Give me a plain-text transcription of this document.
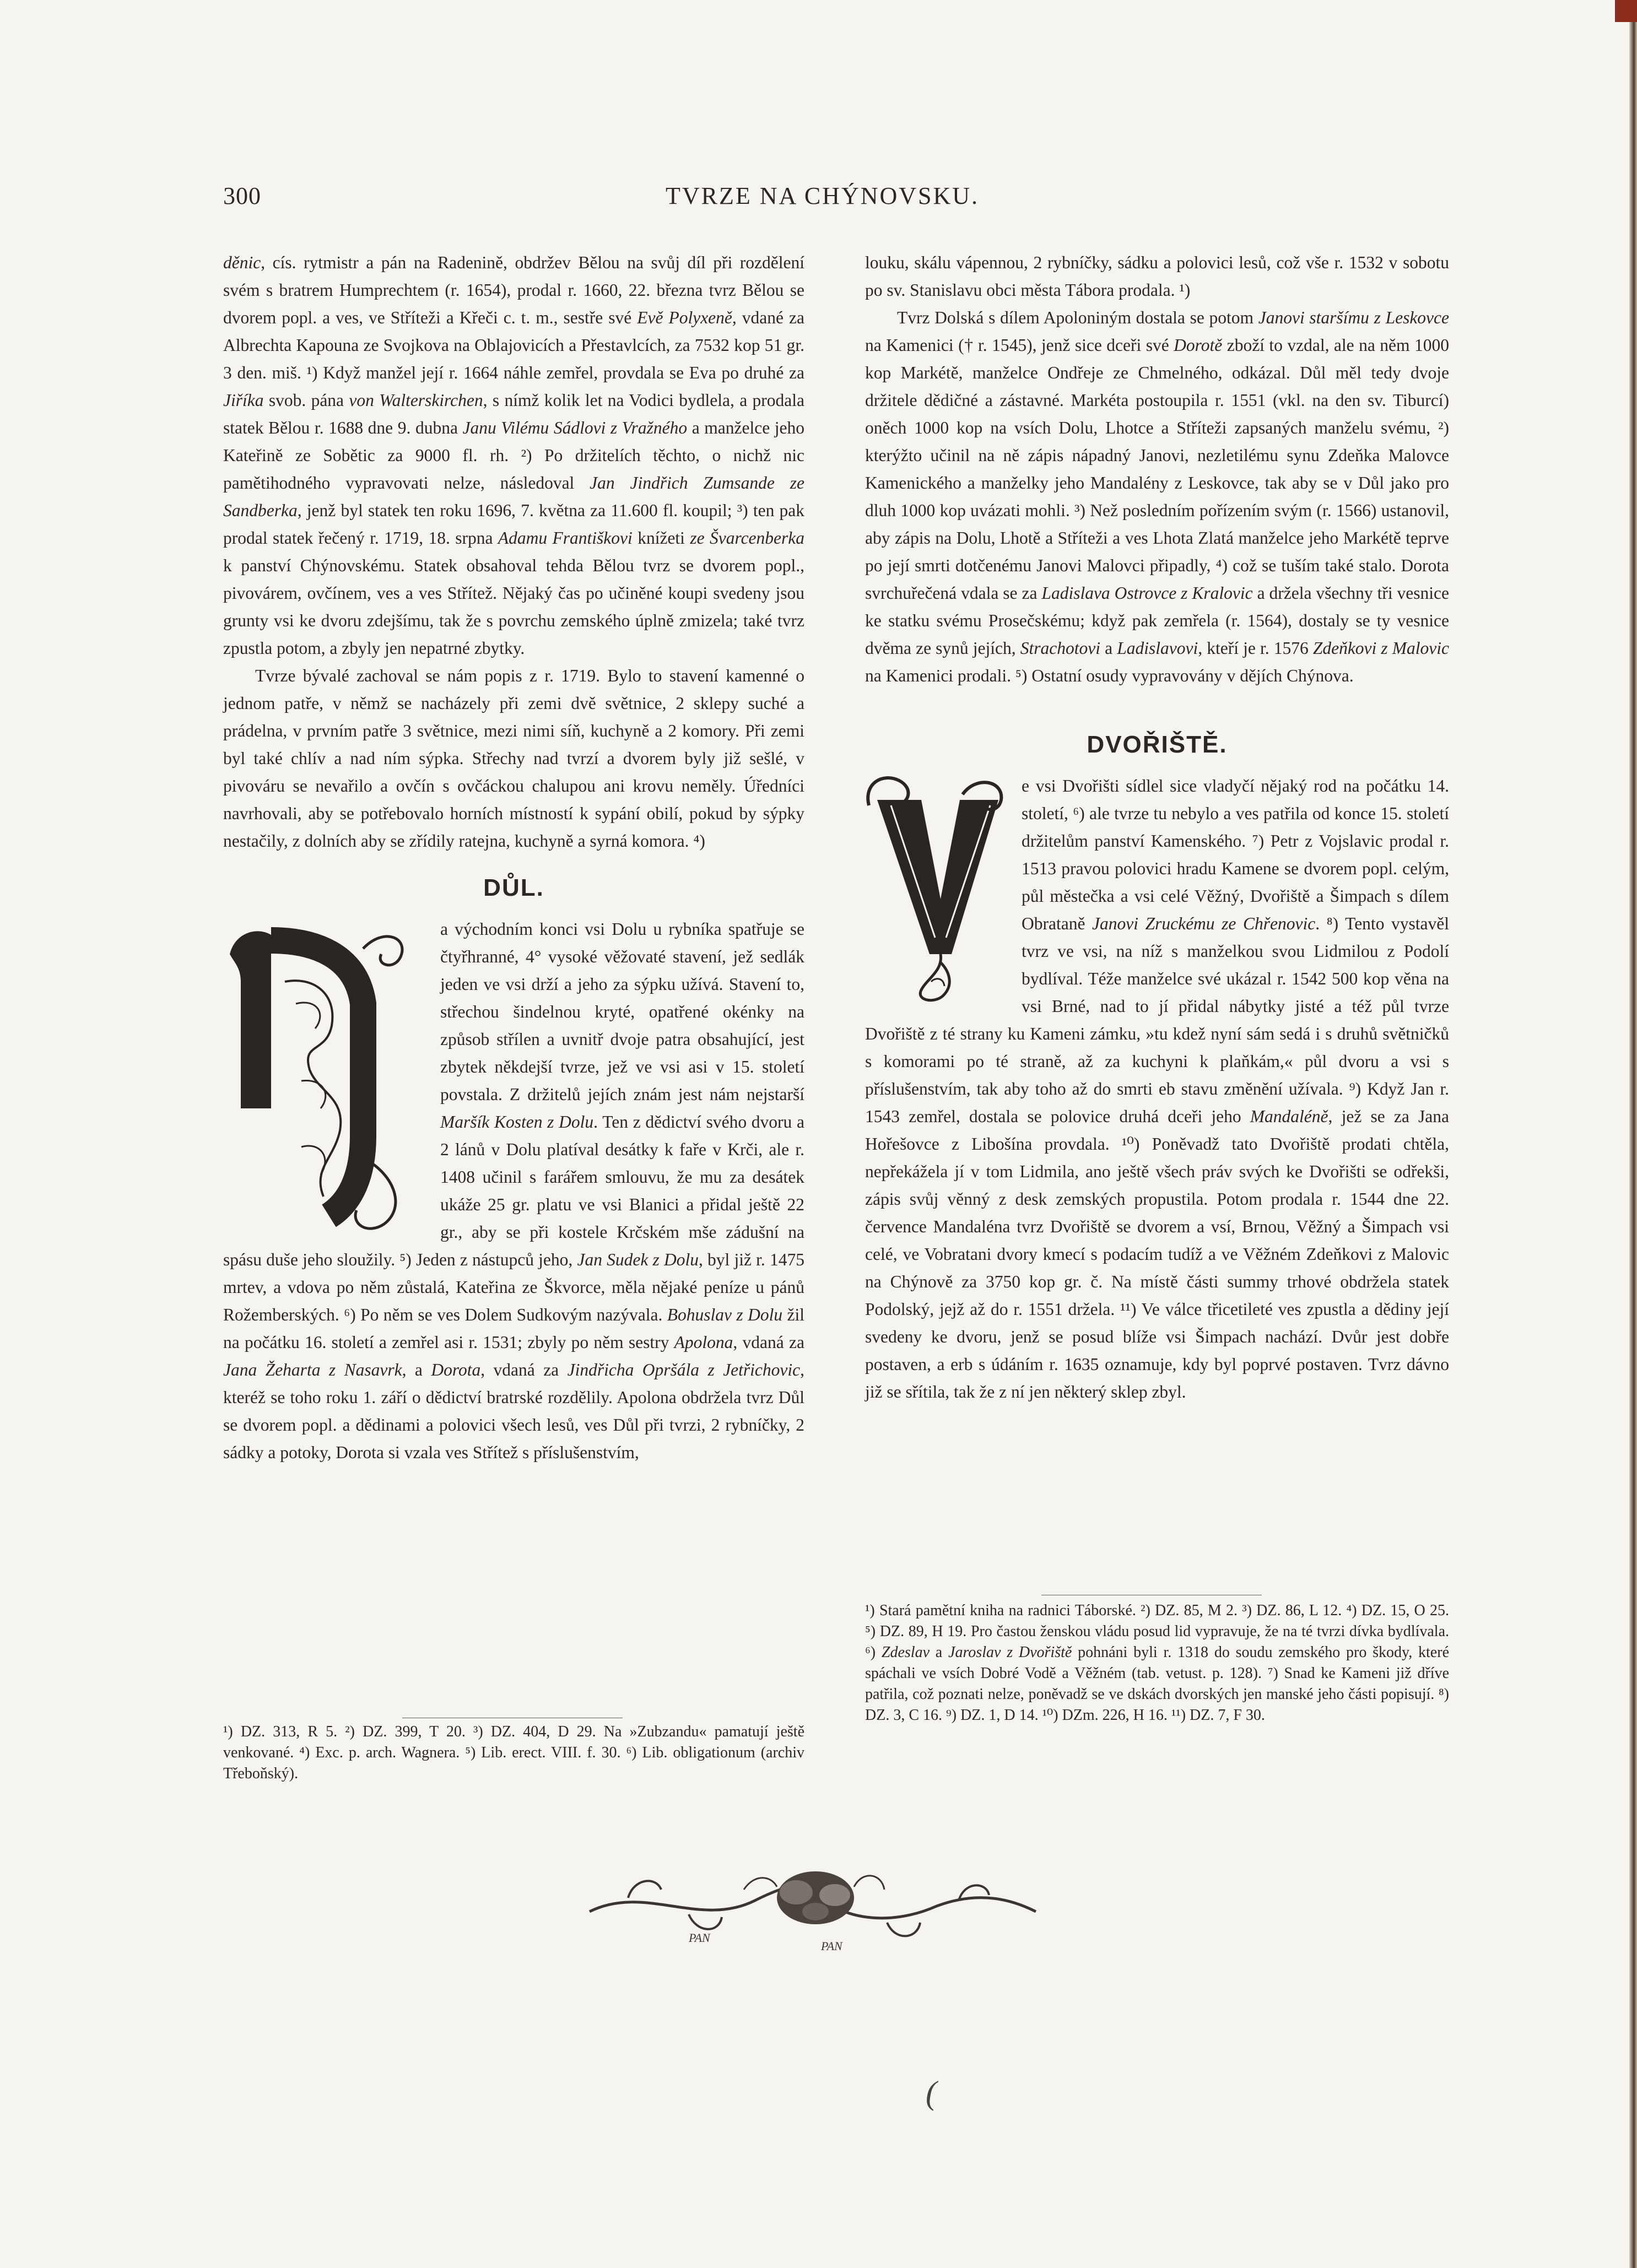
300	TVRZE NA CHÝNOVSKU.

děnic, cís. rytmistr a pán na Radenině, obdržev Bělou na svůj díl při rozdělení svém s bratrem Humprechtem (r. 1654), prodal r. 1660, 22. března tvrz Bělou se dvorem popl. a ves, ve Stříteži a Křeči c. t. m., sestře své Evě Polyxeně, vdané za Albrechta Kapouna ze Svojkova na Oblajovicích a Přestavlcích, za 7532 kop 51 gr. 3 den. miš. ¹) Když manžel její r. 1664 náhle zemřel, provdala se Eva po druhé za Jiříka svob. pána von Walterskirchen, s nímž kolik let na Vodici bydlela, a prodala statek Bělou r. 1688 dne 9. dubna Janu Vilému Sádlovi z Vražného a manželce jeho Kateřině ze Sobětic za 9000 fl. rh. ²) Po držitelích těchto, o nichž nic pamětihodného vypravovati nelze, následoval Jan Jindřich Zumsande ze Sandberka, jenž byl statek ten roku 1696, 7. května za 11.600 fl. koupil; ³) ten pak prodal statek řečený r. 1719, 18. srpna Adamu Františkovi knížeti ze Švarcenberka k panství Chýnovskému. Statek obsahoval tehda Bělou tvrz se dvorem popl., pivovárem, ovčínem, ves a ves Střítež. Nějaký čas po učiněné koupi svedeny jsou grunty vsi ke dvoru zdejšímu, tak že s povrchu zemského úplně zmizela; také tvrz zpustla potom, a zbyly jen nepatrné zbytky.

Tvrze bývalé zachoval se nám popis z r. 1719. Bylo to stavení kamenné o jednom patře, v němž se nacházely při zemi dvě světnice, 2 sklepy suché a prádelna, v prvním patře 3 světnice, mezi nimi síň, kuchyně a 2 komory. Při zemi byl také chlív a nad ním sýpka. Střechy nad tvrzí a dvorem byly již sešlé, v pivováru se nevařilo a ovčín s ovčáckou chalupou ani krovu neměly. Úředníci navrhovali, aby se potřebovalo horních místností k sypání obilí, pokud by sýpky nestačily, z dolních aby se zřídily ratejna, kuchyně a syrná komora. ⁴)

DŮL.

a východním konci vsi Dolu u rybníka spatřuje se čtyřhranné, 4° vysoké věžovaté stavení, jež sedlák jeden ve vsi drží a jeho za sýpku užívá. Stavení to, střechou šindelnou kryté, opatřené okénky na způsob střílen a uvnitř dvoje patra obsahující, jest zbytek někdejší tvrze, jež ve vsi asi v 15. století povstala. Z držitelů jejích znám jest nám nejstarší Maršík Kosten z Dolu. Ten z dědictví svého dvoru a 2 lánů v Dolu platíval desátky k faře v Krči, ale r. 1408 učinil s farářem smlouvu, že mu za desátek ukáže 25 gr. platu ve vsi Blanici a přidal ještě 22 gr., aby se při kostele Krčském mše zádušní na spásu duše jeho sloužily. ⁵) Jeden z nástupců jeho, Jan Sudek z Dolu, byl již r. 1475 mrtev, a vdova po něm zůstalá, Kateřina ze Škvorce, měla nějaké peníze u pánů Rožemberských. ⁶) Po něm se ves Dolem Sudkovým nazývala. Bohuslav z Dolu žil na počátku 16. století a zemřel asi r. 1531; zbyly po něm sestry Apolona, vdaná za Jana Žeharta z Nasavrk, a Dorota, vdaná za Jindřicha Opršála z Jetřichovic, kteréž se toho roku 1. září o dědictví bratrské rozdělily. Apolona obdržela tvrz Důl se dvorem popl. a dědinami a polovici všech lesů, ves Důl při tvrzi, 2 rybníčky, 2 sádky a potoky, Dorota si vzala ves Střítež s příslušenstvím,

¹) DZ. 313, R 5. ²) DZ. 399, T 20. ³) DZ. 404, D 29. Na »Zubzandu« pamatují ještě venkované. ⁴) Exc. p. arch. Wagnera. ⁵) Lib. erect. VIII. f. 30. ⁶) Lib. obligationum (archiv Třeboňský).

louku, skálu vápennou, 2 rybníčky, sádku a polovici lesů, což vše r. 1532 v sobotu po sv. Stanislavu obci města Tábora prodala. ¹)

Tvrz Dolská s dílem Apoloniným dostala se potom Janovi staršímu z Leskovce na Kamenici († r. 1545), jenž sice dceři své Dorotě zboží to vzdal, ale na něm 1000 kop Markétě, manželce Ondřeje ze Chmelného, odkázal. Důl měl tedy dvoje držitele dědičné a zástavné. Markéta postoupila r. 1551 (vkl. na den sv. Tiburcí) oněch 1000 kop na vsích Dolu, Lhotce a Stříteži zapsaných manželu svému, ²) kterýžto učinil na ně zápis nápadný Janovi, nezletilému synu Zdeňka Malovce Kamenického a manželky jeho Mandalény z Leskovce, tak aby se v Důl jako pro dluh 1000 kop uvázati mohli. ³) Než posledním pořízením svým (r. 1566) ustanovil, aby zápis na Dolu, Lhotě a Stříteži a ves Lhota Zlatá manželce jeho Markétě teprve po její smrti dotčenému Janovi Malovci připadly, ⁴) což se tuším také stalo. Dorota svrchuřečená vdala se za Ladislava Ostrovce z Kralovic a držela všechny tři vesnice ke statku svému Prosečskému; když pak zemřela (r. 1564), dostaly se ty vesnice dvěma ze synů jejích, Strachotovi a Ladislavovi, kteří je r. 1576 Zdeňkovi z Malovic na Kamenici prodali. ⁵) Ostatní osudy vypravovány v dějích Chýnova.

DVOŘIŠTĚ.

e vsi Dvořišti sídlel sice vladyčí nějaký rod na počátku 14. století, ⁶) ale tvrze tu nebylo a ves patřila od konce 15. století držitelům panství Kamenského. ⁷) Petr z Vojslavic prodal r. 1513 pravou polovici hradu Kamene se dvorem popl. celým, půl městečka a vsi celé Věžný, Dvořiště a Šimpach s dílem Obrataně Janovi Zruckému ze Chřenovic. ⁸) Tento vystavěl tvrz ve vsi, na níž s manželkou svou Lidmilou z Podolí bydlíval. Téže manželce své ukázal r. 1542 500 kop věna na vsi Brné, nad to jí přidal nábytky jisté a též půl tvrze Dvořiště z té strany ku Kameni zámku, »tu kdež nyní sám sedá i s druhů světničků s komorami po té straně, až za kuchyni k plaňkám,« půl dvoru a vsi s příslušenstvím, tak aby toho až do smrti eb stavu změnění užívala. ⁹) Když Jan r. 1543 zemřel, dostala se polovice druhá dceři jeho Mandaléně, jež se za Jana Hořešovce z Libošína provdala. ¹⁰) Poněvadž tato Dvořiště prodati chtěla, nepřekážela jí v tom Lidmila, ano ještě všech práv svých ke Dvořišti se odřekši, zápis svůj věnný z desk zemských propustila. Potom prodala r. 1544 dne 22. července Mandaléna tvrz Dvořiště se dvorem a vsí, Brnou, Věžný a Šimpach vsi celé, ve Vobratani dvory kmecí s podacím tudíž a ve Věžném Zdeňkovi z Malovic na Chýnově za 3750 kop gr. č. Na místě části summy trhové obdržela statek Podolský, jejž až do r. 1551 držela. ¹¹) Ve válce třicetileté ves zpustla a dědiny její svedeny ke dvoru, jenž se posud blíže vsi Šimpach nachází. Dvůr jest dobře postaven, a erb s údáním r. 1635 oznamuje, kdy byl poprvé postaven. Tvrz dávno již se sřítila, tak že z ní jen některý sklep zbyl.

¹) Stará pamětní kniha na radnici Táborské. ²) DZ. 85, M 2. ³) DZ. 86, L 12. ⁴) DZ. 15, O 25. ⁵) DZ. 89, H 19. Pro častou ženskou vládu posud lid vypravuje, že na té tvrzi dívka bydlívala. ⁶) Zdeslav a Jaroslav z Dvořiště pohnáni byli r. 1318 do soudu zemského pro škody, které spáchali ve vsích Dobré Vodě a Věžném (tab. vetust. p. 128). ⁷) Snad ke Kameni již dříve patřila, což poznati nelze, poněvadž se ve dskách dvorských jen manské jeho části popisují. ⁸) DZ. 3, C 16. ⁹) DZ. 1, D 14. ¹⁰) DZm. 226, H 16. ¹¹) DZ. 7, F 30.
PAN
PAN
(
